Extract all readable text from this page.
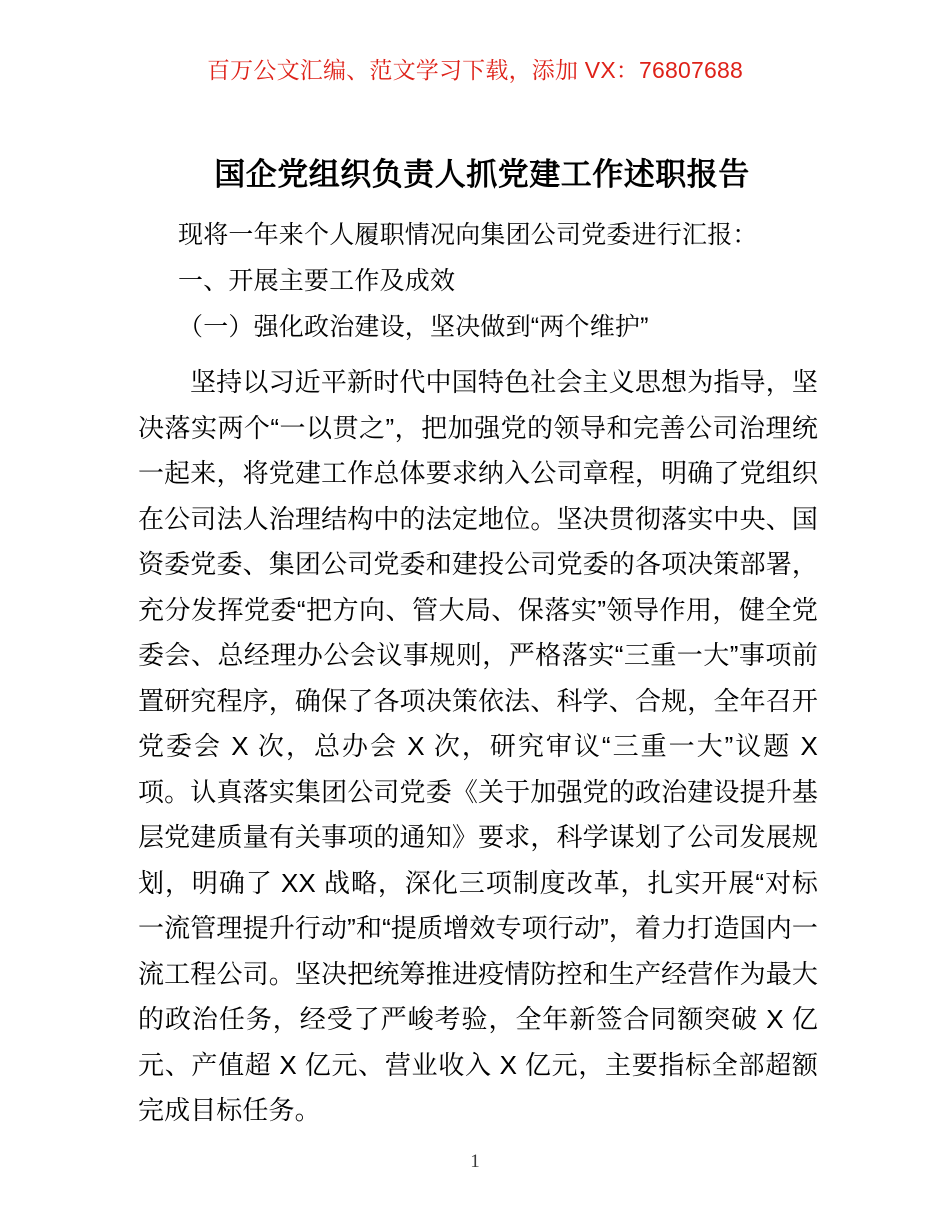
百万公文汇编、范文学习下载，添加 VX：76807688
国企党组织负责人抓党建工作述职报告

现将一年来个人履职情况向集团公司党委进行汇报：

一、开展主要工作及成效

（一）强化政治建设，坚决做到“两个维护”

坚持以习近平新时代中国特色社会主义思想为指导，坚决落实两个“一以贯之”，把加强党的领导和完善公司治理统一起来，将党建工作总体要求纳入公司章程，明确了党组织在公司法人治理结构中的法定地位。坚决贯彻落实中央、国资委党委、集团公司党委和建投公司党委的各项决策部署，充分发挥党委“把方向、管大局、保落实”领导作用，健全党委会、总经理办公会议事规则，严格落实“三重一大”事项前置研究程序，确保了各项决策依法、科学、合规，全年召开党委会 X 次，总办会 X 次，研究审议“三重一大”议题 X 项。认真落实集团公司党委《关于加强党的政治建设提升基层党建质量有关事项的通知》要求，科学谋划了公司发展规划，明确了 XX 战略，深化三项制度改革，扎实开展“对标一流管理提升行动”和“提质增效专项行动”，着力打造国内一流工程公司。坚决把统筹推进疫情防控和生产经营作为最大的政治任务，经受了严峻考验，全年新签合同额突破 X 亿元、产值超 X 亿元、营业收入 X 亿元，主要指标全部超额完成目标任务。

1
